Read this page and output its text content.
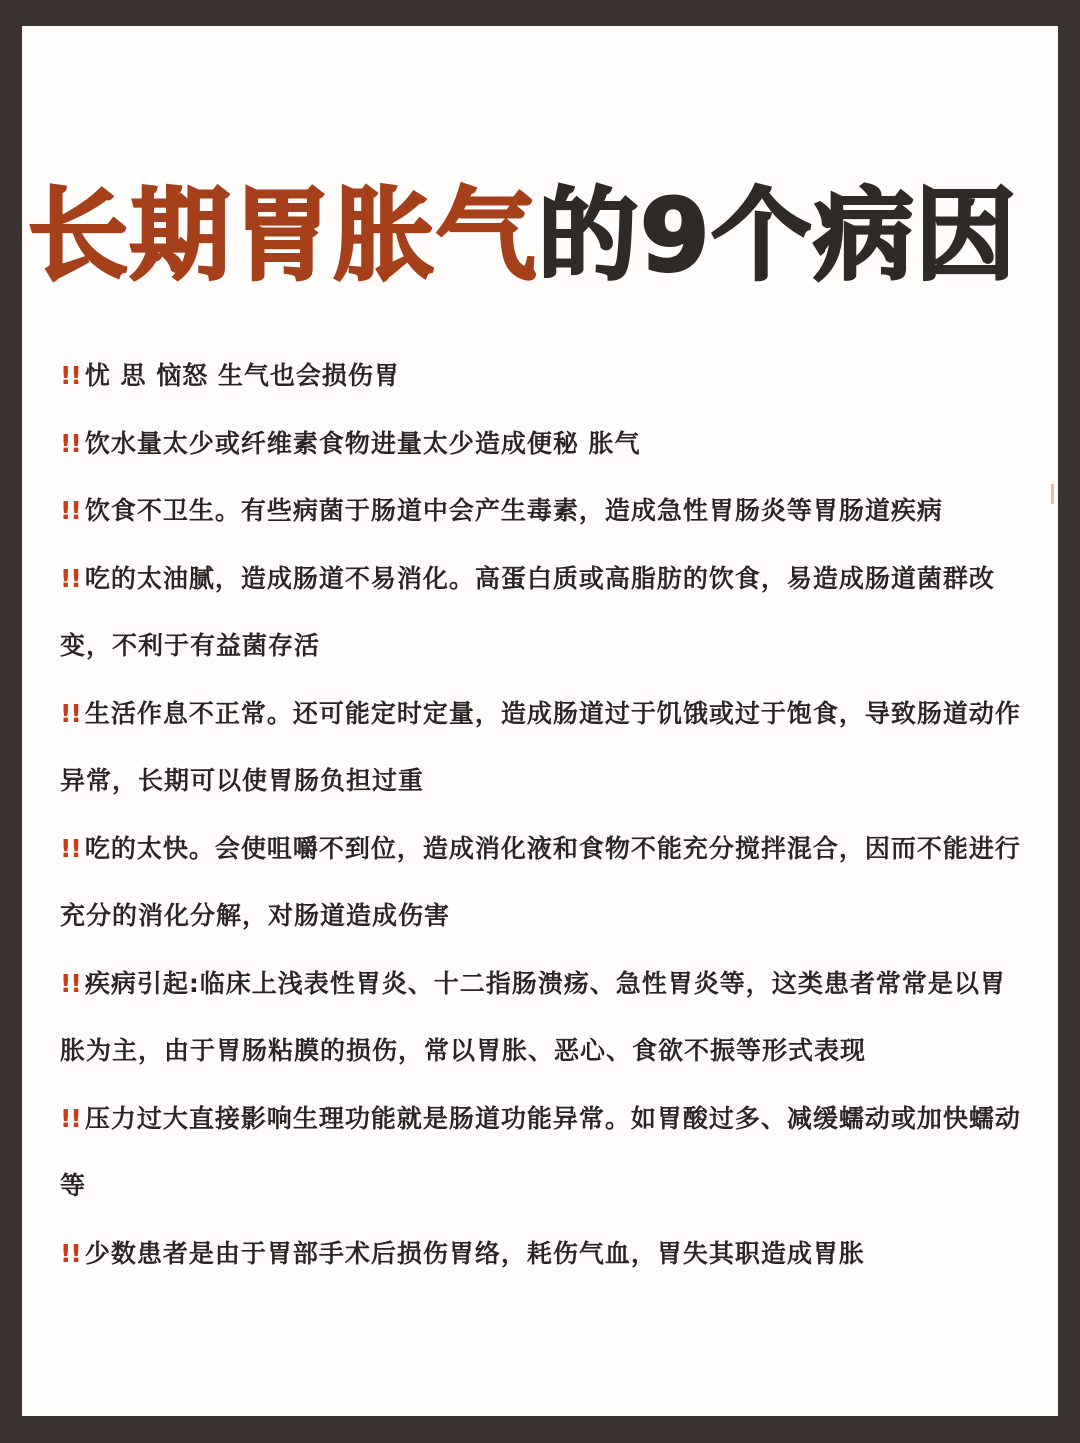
长期胃胀气的9个病因
!! 忧 思 恼怒 生气也会损伤胃
!! 饮水量太少或纤维素食物进量太少造成便秘 胀气
!! 饮食不卫生。有些病菌于肠道中会产生毒素，造成急性胃肠炎等胃肠道疾病
!! 吃的太油腻，造成肠道不易消化。高蛋白质或高脂肪的饮食，易造成肠道菌群改变，不利于有益菌存活
!! 生活作息不正常。还可能定时定量，造成肠道过于饥饿或过于饱食，导致肠道动作异常，长期可以使胃肠负担过重
!! 吃的太快。会使咀嚼不到位，造成消化液和食物不能充分搅拌混合，因而不能进行充分的消化分解，对肠道造成伤害
!! 疾病引起:临床上浅表性胃炎、十二指肠溃疡、急性胃炎等，这类患者常常是以胃胀为主，由于胃肠粘膜的损伤，常以胃胀、恶心、食欲不振等形式表现
!! 压力过大直接影响生理功能就是肠道功能异常。如胃酸过多、减缓蠕动或加快蠕动等
!! 少数患者是由于胃部手术后损伤胃络，耗伤气血，胃失其职造成胃胀
